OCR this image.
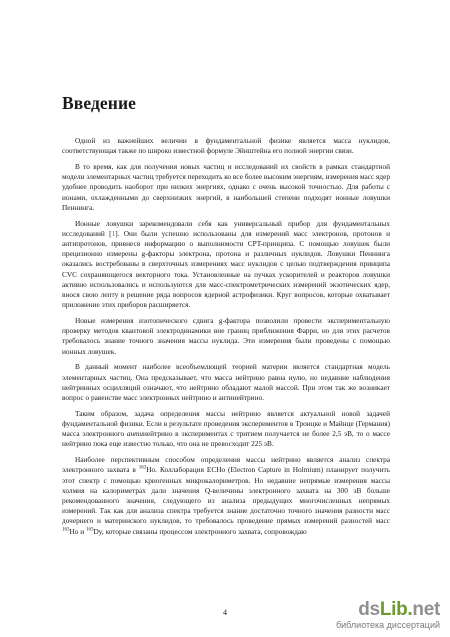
Введение

Одной из важнейших величин в фундаментальной физике является масса нуклидов, соответствующая также по широко известной формуле Эйнштейна его полной энергии связи.

В то время, как для получения новых частиц и исследований их свойств в рамках стандартной модели элементарных частиц требуется переходить ко все более высоким энергиям, измерения масс ядер удобнее проводить наоборот при низких энергиях, однако с очень высокой точностью. Для работы с ионами, охлажденными до сверхнизких энергий, в наибольшей степени подходят ионные ловушки Пеннинга.

Ионные ловушки зарекомендовали себя как универсальный прибор для фундаментальных исследований [1]. Они были успешно использованы для измерений масс электронов, протонов и антипротонов, привнеся информацию о выполнимости CPT-принципа. С помощью ловушек были прецизионно измерены g-факторы электрона, протона и различных нуклидов. Ловушки Пеннинга оказались востребованы в сверхточных измерениях масс нуклидов с целью подтверждения принципа CVC сохраняющегося векторного тока. Установленные на пучках ускорителей и реакторов ловушки активно использовались и используются для масс-спектрометрических измерений экзотических ядер, внося свою лепту в решение ряда вопросов ядерной астрофизики. Круг вопросов, которые охватывает приложение этих приборов расширяется.

Новые измерения изотопического сдвига g-фактора позволили провести экспериментальную проверку методов квантовой электродинамики вне границ приближения Фарри, но для этих расчетов требовалось знание точного значения массы нуклида. Эти измерения были проведены с помощью ионных ловушек.

В данный момент наиболее всеобъемлющей теорией материи является стандартная модель элементарных частиц. Она предсказывает, что масса нейтрино равна нулю, но недавние наблюдения нейтринных осцилляций означают, что нейтрино обладают малой массой. При этом так же возникает вопрос о равенстве масс электронных нейтрино и антинейтрино.

Таким образом, задача определения массы нейтрино является актуальной новой задачей фундаментальной физики. Если в результате проведения экспериментов в Троицке и Майнце (Германия) масса электронного антинейтрино в экспериментах с тритием получается не более 2,5 эВ, то о массе нейтрино пока еще известно только, что она не превосходит 225 эВ.

Наиболее перспективным способом определения массы нейтрино является анализ спектра электронного захвата в $^{163}$Ho. Коллаборация ECHo (Electron Capture in Holmium) планирует получить этот спектр с помощью криогенных микрокалориметров. Но недавние непрямые измерения массы холмия на калориметрах дали значения Q-величины электронного захвата на 300 эВ больше рекомендованного значения, следующего из анализа предыдущих многочисленных непрямых измерений. Так как для анализа спектра требуется знание достаточно точного значения разности масс дочернего и материнского нуклидов, то требовалось проведение прямых измерений разностей масс $^{163}$Ho и $^{163}$Dy, которые связаны процессом электронного захвата, сопровождаю

4	dsLib.net
библиотека диссертаций
